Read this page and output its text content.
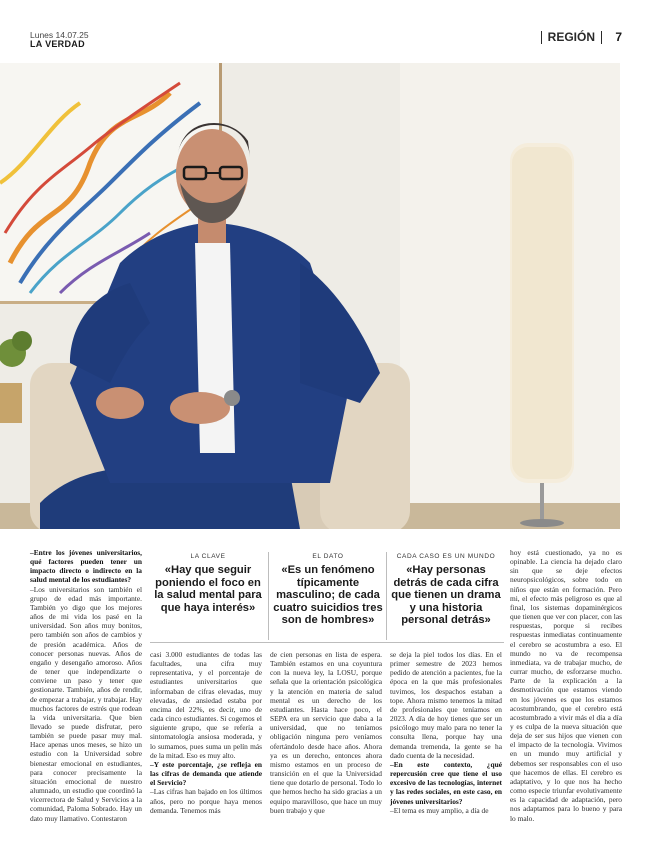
Lunes 14.07.25
LA VERDAD	REGIÓN	7
LA CLAVE
«Hay que seguir poniendo el foco en la salud mental para que haya interés»
EL DATO
«Es un fenómeno típicamente masculino; de cada cuatro suicidios tres son de hombres»
CADA CASO ES UN MUNDO
«Hay personas detrás de cada cifra que tienen un drama y una historia personal detrás»

–Entre los jóvenes universitarios, qué factores pueden tener un impacto directo o indirecto en la salud mental de los estudiantes?

–Los universitarios son también el grupo de edad más importante. También yo digo que los mejores años de mi vida los pasé en la universidad. Son años muy bonitos, pero también son años de cambios y de presión académica. Años de conocer personas nuevas. Años de engaño y desengaño amoroso. Años de tener que independizarte o conviene un paso y tener que gestionarte. También, años de rendir, de empezar a trabajar, y trabajar. Hay muchos factores de estrés que rodean la vida universitaria. Que bien llevado se puede disfrutar, pero también se puede pasar muy mal. Hace apenas unos meses, se hizo un estudio con la Universidad sobre bienestar emocional en estudiantes, para conocer precisamente la situación emocional de nuestro alumnado, un estudio que coordinó la vicerrectora de Salud y Servicios a la comunidad, Paloma Sobrado. Hay un dato muy llamativo. Contestaron

casi 3.000 estudiantes de todas las facultades, una cifra muy representativa, y el porcentaje de estudiantes universitarios que informaban de cifras elevadas, muy elevadas, de ansiedad estaba por encima del 22%, es decir, uno de cada cinco estudiantes. Si cogemos el siguiente grupo, que se refería a sintomatología ansiosa moderada, y lo sumamos, pues suma un pelín más de la mitad. Eso es muy alto.

–Y este porcentaje, ¿se refleja en las cifras de demanda que atiende el Servicio?

–Las cifras han bajado en los últimos años, pero no porque haya menos demanda. Tenemos más

de cien personas en lista de espera. También estamos en una coyuntura con la nueva ley, la LOSU, porque señala que la orientación psicológica y la atención en materia de salud mental es un derecho de los estudiantes. Hasta hace poco, el SEPA era un servicio que daba a la universidad, que no teníamos obligación ninguna pero veníamos ofertándolo desde hace años. Ahora ya es un derecho, entonces ahora mismo estamos en un proceso de transición en el que la Universidad tiene que dotarlo de personal. Todo lo que hemos hecho ha sido gracias a un equipo maravilloso, que hace un muy buen trabajo y que

se deja la piel todos los días. En el primer semestre de 2023 hemos pedido de atención a pacientes, fue la época en la que más profesionales tuvimos, los despachos estaban a tope. Ahora mismo tenemos la mitad de profesionales que teníamos en 2023. A día de hoy tienes que ser un psicólogo muy malo para no tener la consulta llena, porque hay una demanda tremenda, la gente se ha dado cuenta de la necesidad.

–En este contexto, ¿qué repercusión cree que tiene el uso excesivo de las tecnologías, internet y las redes sociales, en este caso, en jóvenes universitarios?

–El tema es muy amplio, a día de

hoy está cuestionado, ya no es opinable. La ciencia ha dejado claro sin que se deje efectos neuropsicológicos, sobre todo en niños que están en formación. Pero mi, el efecto más peligroso es que al final, los sistemas dopaminérgicos que tienen que ver con placer, con las respuestas, porque si recibes respuestas inmediatas continuamente el cerebro se acostumbra a eso. El mundo no va de recompensa inmediata, va de trabajar mucho, de currar mucho, de esforzarse mucho. Parte de la explicación a la desmotivación que estamos viendo en los jóvenes es que los estamos acostumbrando, que el cerebro está acostumbrado a vivir más el día a día y es culpa de la nueva situación que deja de ser sus hijos que vienen con el impacto de la tecnología. Vivimos en un mundo muy artificial y debemos ser responsables con el uso que hacemos de ellas. El cerebro es adaptativo, y lo que nos ha hecho como especie triunfar evolutivamente es la capacidad de adaptación, pero nos adaptamos para lo bueno y para lo malo.
